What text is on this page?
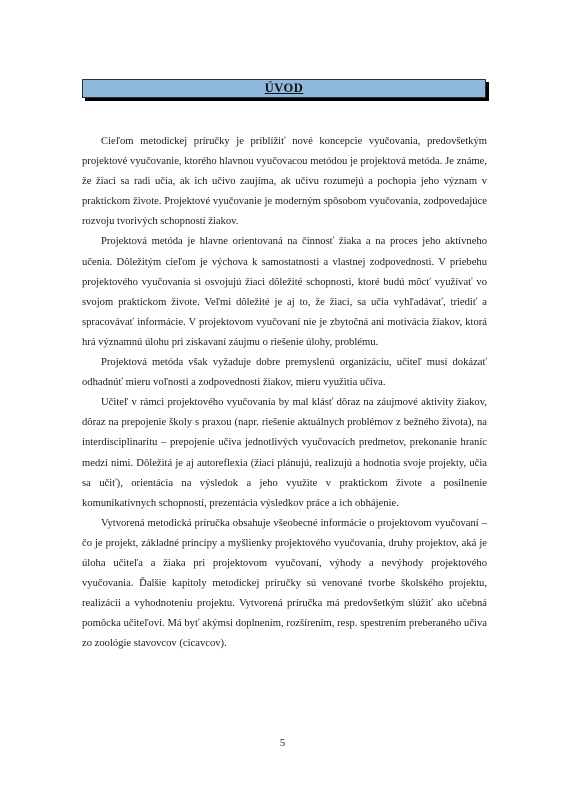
ÚVOD

Cieľom metodickej príručky je priblížiť nové koncepcie vyučovania, predovšetkým projektové vyučovanie, ktorého hlavnou vyučovacou metódou je projektová metóda. Je známe, že žiaci sa radi učia, ak ich učivo zaujíma, ak učivu rozumejú a pochopia jeho význam v praktickom živote. Projektové vyučovanie je moderným spôsobom vyučovania, zodpovedajúce rozvoju tvorivých schopností žiakov.

Projektová metóda je hlavne orientovaná na činnosť žiaka a na proces jeho aktívneho učenia. Dôležitým cieľom je výchova k samostatnosti a vlastnej zodpovednosti. V priebehu projektového vyučovania si osvojujú žiaci dôležité schopnosti, ktoré budú môcť využívať vo svojom praktickom živote. Veľmi dôležité je aj to, že žiaci, sa učia vyhľadávať, triediť a spracovávať informácie. V projektovom vyučovaní nie je zbytočná ani motivácia žiakov, ktorá hrá významnú úlohu pri získavaní záujmu o riešenie úlohy, problému.

Projektová metóda však vyžaduje dobre premyslenú organizáciu, učiteľ musí dokázať odhadnúť mieru voľnosti a zodpovednosti žiakov, mieru využitia učiva.

Učiteľ v rámci projektového vyučovania by mal klásť dôraz na záujmové aktivity žiakov, dôraz na prepojenie školy s praxou (napr. riešenie aktuálnych problémov z bežného života), na interdisciplinaritu – prepojenie učiva jednotlivých vyučovacích predmetov, prekonanie hraníc medzi nimi. Dôležitá je aj autoreflexia (žiaci plánujú, realizujú a hodnotia svoje projekty, učia sa učiť), orientácia na výsledok a jeho využite v praktickom živote a posilnenie komunikatívnych schopností, prezentácia výsledkov práce a ich obhájenie.

Vytvorená metodická príručka obsahuje všeobecné informácie o projektovom vyučovaní – čo je projekt, základné princípy a myšlienky projektového vyučovania, druhy projektov, aká je úloha učiteľa a žiaka pri projektovom vyučovaní, výhody a nevýhody projektového vyučovania. Ďalšie kapitoly metodickej príručky sú venované tvorbe školského projektu, realizácii a vyhodnoteniu projektu. Vytvorená príručka má predovšetkým slúžiť ako učebná pomôcka učiteľovi. Má byť akýmsi doplnením, rozšírením, resp. spestrením preberaného učiva zo zoológie stavovcov (cicavcov).

5
